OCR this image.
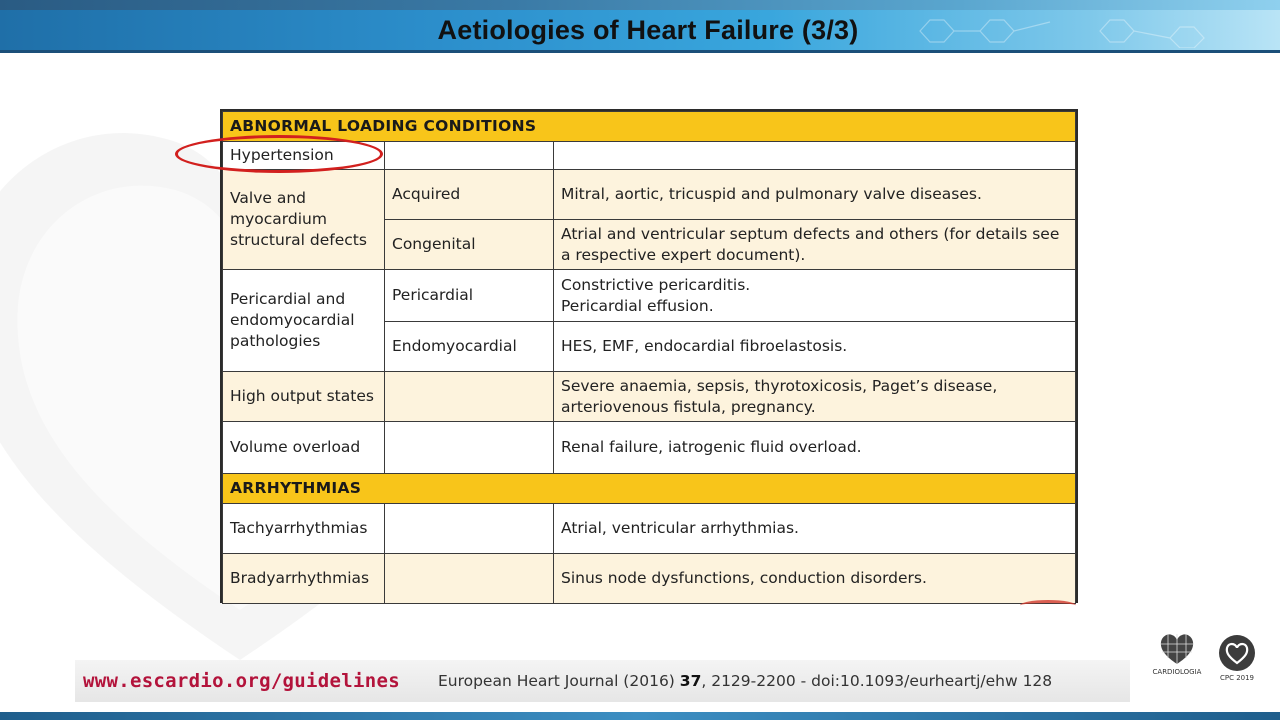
Aetiologies of Heart Failure (3/3)
ABNORMAL LOADING CONDITIONS		
Hypertension		
Valve and myocardium structural defects	Acquired	Mitral, aortic, tricuspid and pulmonary valve diseases.
	Congenital	Atrial and ventricular septum defects and others (for details see a respective expert document).
Pericardial and endomyocardial pathologies	Pericardial	Constrictive pericarditis.
Pericardial effusion.

	Endomyocardial	HES, EMF, endocardial fibroelastosis.
High output states		Severe anaemia, sepsis, thyrotoxicosis, Paget’s disease, arteriovenous fistula, pregnancy.
Volume overload		Renal failure, iatrogenic fluid overload.
ARRHYTHMIAS		
Tachyarrhythmias		Atrial, ventricular arrhythmias.
Bradyarrhythmias		Sinus node dysfunctions, conduction disorders.
www.escardio.org/guidelines European Heart Journal (2016) 37, 2129-2200 - doi:10.1093/eurheartj/ehw 128	CARDIOLOGIA
CPC 2019
